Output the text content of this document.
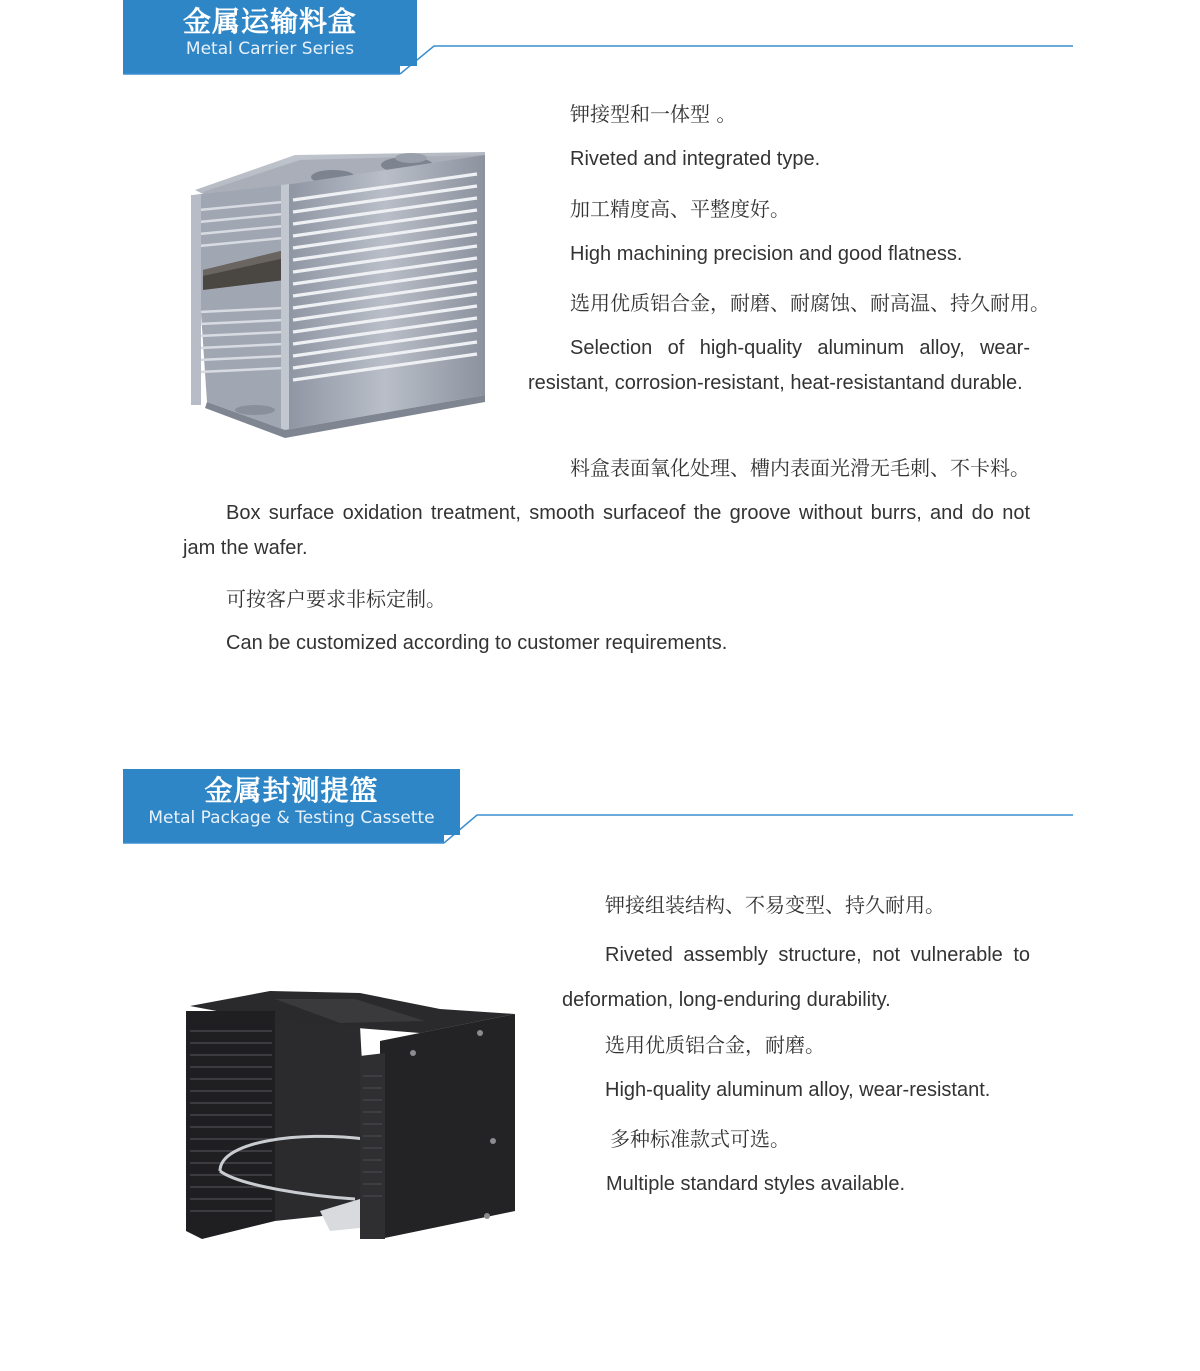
金属运输料盒
Metal Carrier Series

钾接型和一体型 。

Riveted and integrated type.

加工精度高、平整度好。

High machining precision and good flatness.

选用优质铝合金，耐磨、耐腐蚀、耐高温、持久耐用。

Selection of high-quality aluminum alloy, wear-resistant, corrosion-resistant, heat-resistantand durable.

料盒表面氧化处理、槽内表面光滑无毛刺、不卡料。

Box surface oxidation treatment, smooth surfaceof the groove without burrs, and do not jam the wafer.

可按客户要求非标定制。

Can be customized according to customer requirements.

金属封测提篮
Metal Package & Testing Cassette

钾接组装结构、不易变型、持久耐用。

Riveted assembly structure, not vulnerable to deformation, long-enduring durability.

选用优质铝合金，耐磨。

High-quality aluminum alloy, wear-resistant.

多种标准款式可选。

Multiple standard styles available.
